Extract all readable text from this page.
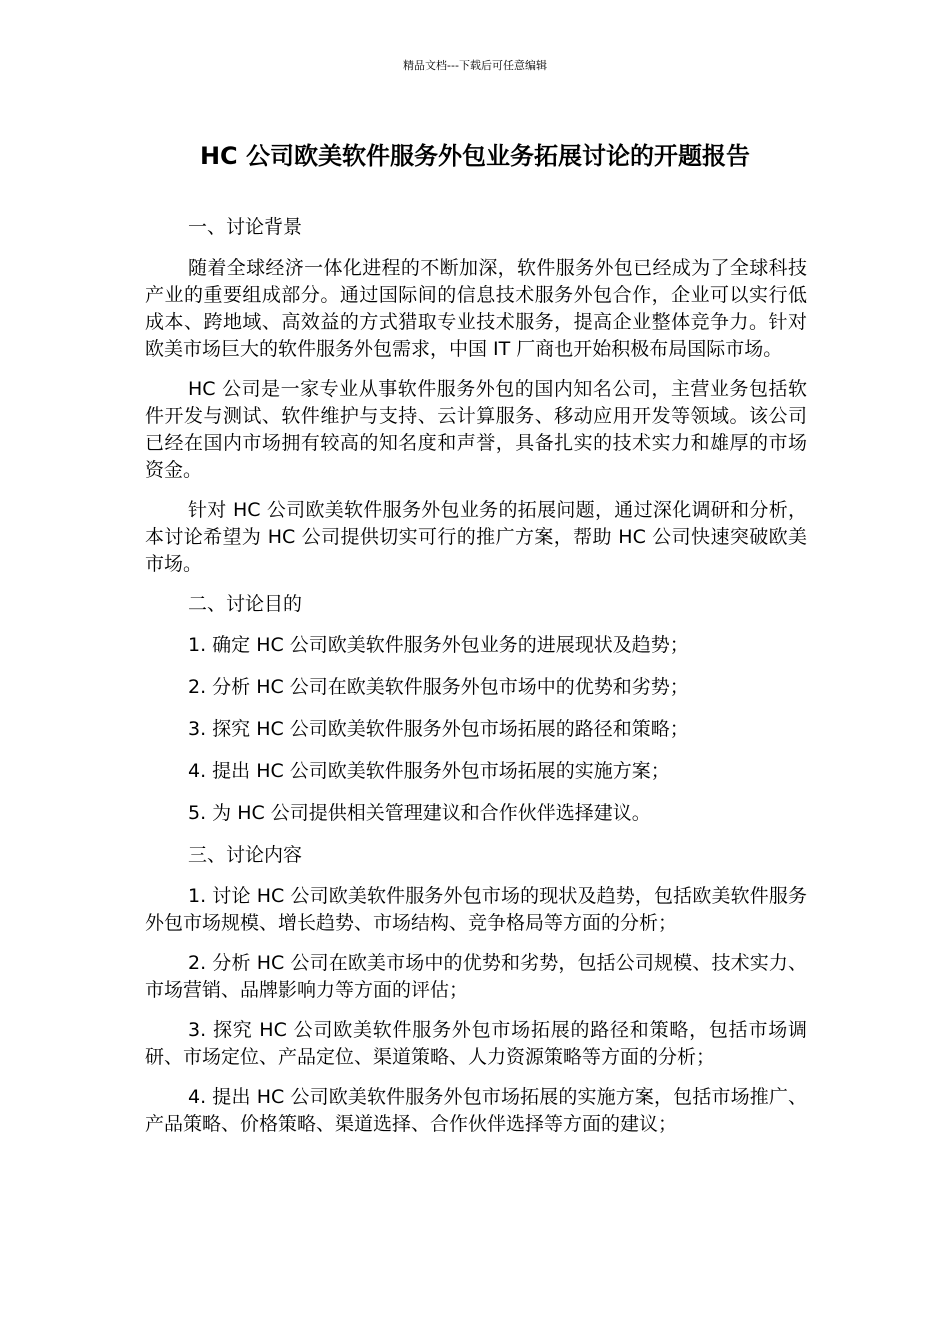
精品文档---下载后可任意编辑
HC 公司欧美软件服务外包业务拓展讨论的开题报告

一、讨论背景

随着全球经济一体化进程的不断加深，软件服务外包已经成为了全球科技产业的重要组成部分。通过国际间的信息技术服务外包合作，企业可以实行低成本、跨地域、高效益的方式猎取专业技术服务，提高企业整体竞争力。针对欧美市场巨大的软件服务外包需求，中国 IT 厂商也开始积极布局国际市场。

HC 公司是一家专业从事软件服务外包的国内知名公司，主营业务包括软件开发与测试、软件维护与支持、云计算服务、移动应用开发等领域。该公司已经在国内市场拥有较高的知名度和声誉，具备扎实的技术实力和雄厚的市场资金。

针对 HC 公司欧美软件服务外包业务的拓展问题，通过深化调研和分析，本讨论希望为 HC 公司提供切实可行的推广方案，帮助 HC 公司快速突破欧美市场。

二、讨论目的

1. 确定 HC 公司欧美软件服务外包业务的进展现状及趋势；

2. 分析 HC 公司在欧美软件服务外包市场中的优势和劣势；

3. 探究 HC 公司欧美软件服务外包市场拓展的路径和策略；

4. 提出 HC 公司欧美软件服务外包市场拓展的实施方案；

5. 为 HC 公司提供相关管理建议和合作伙伴选择建议。

三、讨论内容

1. 讨论 HC 公司欧美软件服务外包市场的现状及趋势，包括欧美软件服务外包市场规模、增长趋势、市场结构、竞争格局等方面的分析；

2. 分析 HC 公司在欧美市场中的优势和劣势，包括公司规模、技术实力、市场营销、品牌影响力等方面的评估；

3. 探究 HC 公司欧美软件服务外包市场拓展的路径和策略，包括市场调研、市场定位、产品定位、渠道策略、人力资源策略等方面的分析；

4. 提出 HC 公司欧美软件服务外包市场拓展的实施方案，包括市场推广、产品策略、价格策略、渠道选择、合作伙伴选择等方面的建议；
